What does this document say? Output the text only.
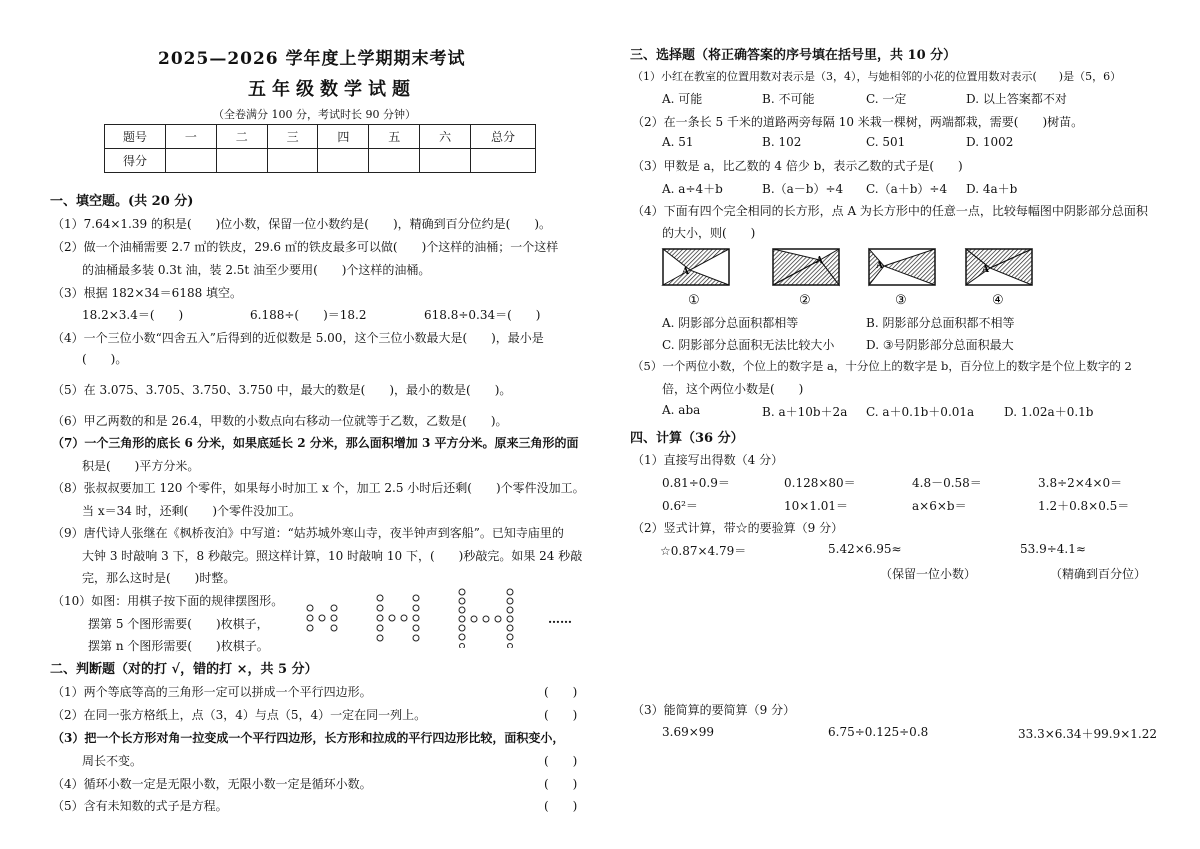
2025—2026 学年度上学期期末考试
五年级数学试题
（全卷满分 100 分，考试时长 90 分钟）
题号	一	二	三	四	五	六	总分
得分							
一、填空题。(共 20 分)
（1）7.64×1.39 的积是(　　)位小数，保留一位小数约是(　　)，精确到百分位约是(　　)。
（2）做一个油桶需要 2.7 ㎡的铁皮，29.6 ㎡的铁皮最多可以做(　　)个这样的油桶；一个这样
的油桶最多装 0.3t 油，装 2.5t 油至少要用(　　)个这样的油桶。
（3）根据 182×34＝6188 填空。
18.2×3.4＝(　　)	6.188÷(　　)＝18.2	618.8÷0.34＝(　　)
（4）一个三位小数“四舍五入”后得到的近似数是 5.00，这个三位小数最大是(　　)，最小是
(　　)。
（5）在 3.075、3.705、3.750、3.750 中，最大的数是(　　)，最小的数是(　　)。
（6）甲乙两数的和是 26.4，甲数的小数点向右移动一位就等于乙数，乙数是(　　)。
（7）一个三角形的底长 6 分米，如果底延长 2 分米，那么面积增加 3 平方分米。原来三角形的面
积是(　　)平方分米。
（8）张叔叔要加工 120 个零件，如果每小时加工 x 个，加工 2.5 小时后还剩(　　)个零件没加工。
当 x＝34 时，还剩(　　)个零件没加工。
（9）唐代诗人张继在《枫桥夜泊》中写道：“姑苏城外寒山寺，夜半钟声到客船”。已知寺庙里的
大钟 3 时敲响 3 下，8 秒敲完。照这样计算，10 时敲响 10 下，(　　)秒敲完。如果 24 秒敲
完，那么这时是(　　)时整。
（10）如图：用棋子按下面的规律摆图形。
摆第 5 个图形需要(　　)枚棋子，
摆第 n 个图形需要(　　)枚棋子。
……
二、判断题（对的打 √，错的打 ×，共 5 分）
（1）两个等底等高的三角形一定可以拼成一个平行四边形。	(　　)
（2）在同一张方格纸上，点（3，4）与点（5，4）一定在同一列上。	(　　)
（3）把一个长方形对角一拉变成一个平行四边形，长方形和拉成的平行四边形比较，面积变小，
周长不变。	(　　)
（4）循环小数一定是无限小数，无限小数一定是循环小数。	(　　)
（5）含有未知数的式子是方程。	(　　)
三、选择题（将正确答案的序号填在括号里，共 10 分）
（1）小红在教室的位置用数对表示是（3，4），与她相邻的小花的位置用数对表示(　　)是（5，6）
A. 可能	B. 不可能	C. 一定	D. 以上答案都不对
（2）在一条长 5 千米的道路两旁每隔 10 米栽一棵树，两端都栽，需要(　　)树苗。
A. 51	B. 102	C. 501	D. 1002
（3）甲数是 a，比乙数的 4 倍少 b，表示乙数的式子是(　　)
A. a÷4＋b	B.（a－b）÷4 C.（a＋b）÷4 D. 4a＋b
（4）下面有四个完全相同的长方形，点 A 为长方形中的任意一点，比较每幅图中阴影部分总面积
的大小，则(　　)
A
A	A	A
①	②	③	④
A. 阴影部分总面积都相等	B. 阴影部分总面积都不相等
C. 阴影部分总面积无法比较大小	D. ③号阴影部分总面积最大
（5）一个两位小数，个位上的数字是 a，十分位上的数字是 b，百分位上的数字是个位上数字的 2
倍，这个两位小数是(　　)
A. aba	B. a＋10b＋2a C. a＋0.1b＋0.01a D. 1.02a＋0.1b
四、计算（36 分）
（1）直接写出得数（4 分）
0.81÷0.9＝	0.128×80＝	4.8－0.58＝	3.8÷2×4×0＝
0.6²＝	10×1.01＝	a×6×b＝	1.2＋0.8×0.5＝
（2）竖式计算，带☆的要验算（9 分）
☆0.87×4.79＝	5.42×6.95≈	53.9÷4.1≈
（保留一位小数）	（精确到百分位）
（3）能简算的要简算（9 分）
3.69×99	6.75÷0.125÷0.8	33.3×6.34＋99.9×1.22
